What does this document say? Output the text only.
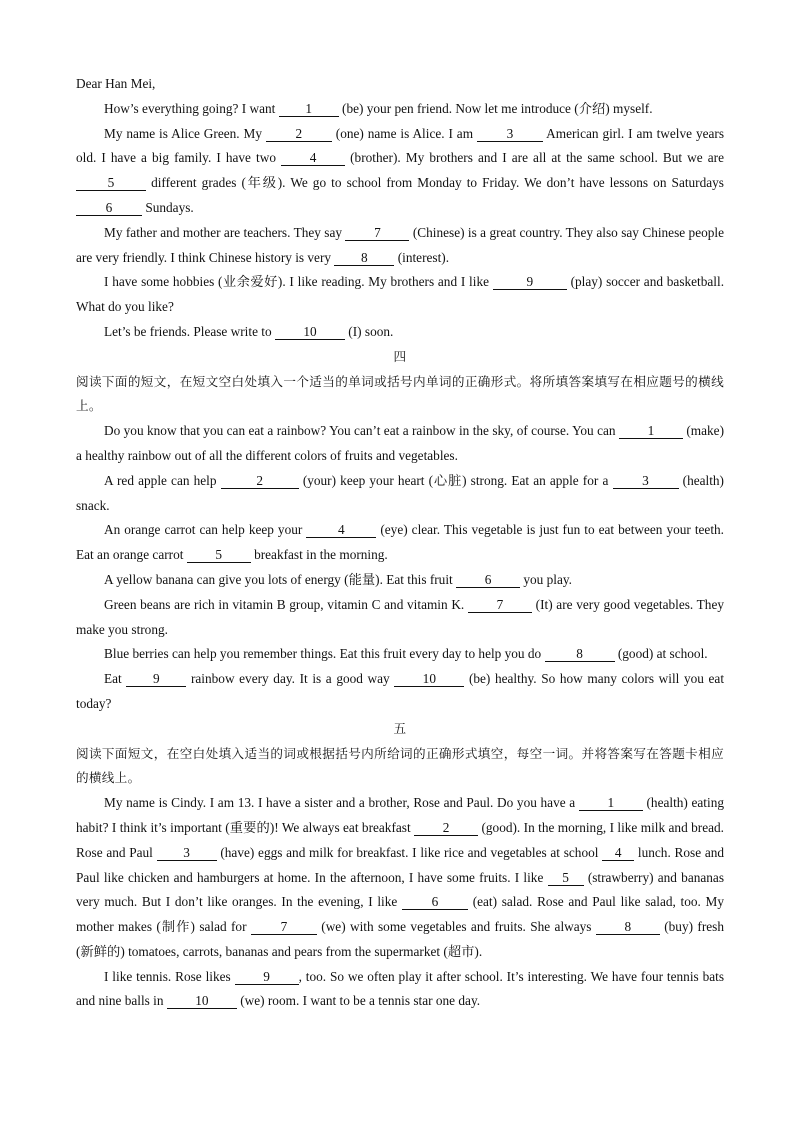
Dear Han Mei,

How’s everything going? I want 1 (be) your pen friend. Now let me introduce (介绍) myself.

My name is Alice Green. My	2	(one) name is Alice. I am	3 American girl. I am twelve years old. I have a big family. I have two	4	(brother). My brothers and I are all at the same school. But we are 5	different grades (年级). We go to school from Monday to Friday. We don’t have lessons on Saturdays 6 Sundays.

My father and mother are teachers. They say 7 (Chinese) is a great country. They also say Chinese people are very friendly. I think Chinese history is very 8 (interest).

I have some hobbies (业余爱好). I like reading. My brothers and I like	9	(play) soccer and basketball. What do you like?

Let’s be friends. Please write to 10 (I) soon.

四

阅读下面的短文，在短文空白处填入一个适当的单词或括号内单词的正确形式。将所填答案填写在相应题号的横线上。

Do you know that you can eat a rainbow? You can’t eat a rainbow in the sky, of course. You can 1 (make) a healthy rainbow out of all the different colors of fruits and vegetables.

A red apple can help	2	(your) keep your heart (心脏) strong. Eat an apple for a	3	(health) snack.

An orange carrot can help keep your	4	(eye) clear. This vegetable is just fun to eat between your teeth. Eat an orange carrot 5 breakfast in the morning.

A yellow banana can give you lots of energy (能量). Eat this fruit 6 you play.

Green beans are rich in vitamin B group, vitamin C and vitamin K. 7 (It) are very good vegetables. They make you strong.

Blue berries can help you remember things. Eat this fruit every day to help you do	8	(good) at school.

Eat 9 rainbow every day. It is a good way 10 (be) healthy. So how many colors will you eat today?

五

阅读下面短文，在空白处填入适当的词或根据括号内所给词的正确形式填空，每空一词。并将答案写在答题卡相应的横线上。

My name is Cindy. I am 13. I have a sister and a brother, Rose and Paul. Do you have a 1 (health) eating habit? I think it’s important (重要的)! We always eat breakfast 2 (good). In the morning, I like milk and bread. Rose and Paul 3 (have) eggs and milk for breakfast. I like rice and vegetables at school 4 lunch. Rose and Paul like chicken and hamburgers at home. In the afternoon, I have some fruits. I like 5 (strawberry) and bananas very much. But I don’t like oranges. In the evening, I like	6	(eat) salad. Rose and Paul like salad, too. My mother makes (制作) salad for	7	(we) with some vegetables and fruits. She always 8 (buy) fresh (新鲜的) tomatoes, carrots, bananas and pears from the supermarket (超市).

I like tennis. Rose likes 9 , too. So we often play it after school. It’s interesting. We have four tennis bats and nine balls in 10 (we) room. I want to be a tennis star one day.
